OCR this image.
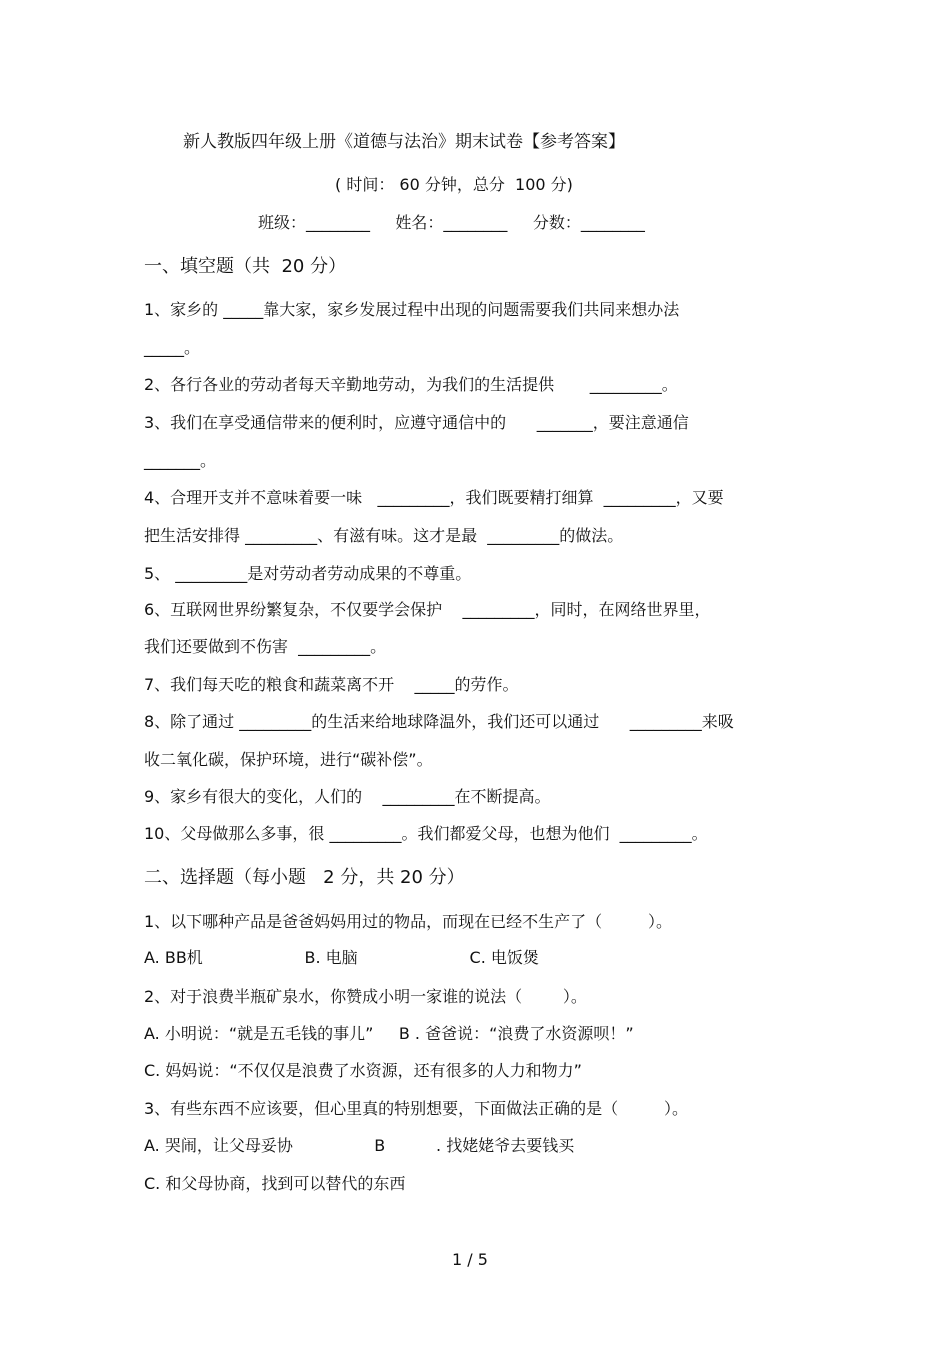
新人教版四年级上册《道德与法治》期末试卷【参考答案】
( 时间： 60 分钟，总分  100 分)
班级：________     姓名：________     分数：________
一、填空题（共  20 分）
1、家乡的 _____靠大家，家乡发展过程中出现的问题需要我们共同来想办法
_____。
2、各行各业的劳动者每天辛勤地劳动，为我们的生活提供       _________。
3、我们在享受通信带来的便利时，应遵守通信中的      _______，要注意通信
_______。
4、合理开支并不意味着要一味   _________，我们既要精打细算  _________，又要
把生活安排得 _________、有滋有味。这才是最  _________的做法。
5、 _________是对劳动者劳动成果的不尊重。
6、互联网世界纷繁复杂，不仅要学会保护    _________，同时，在网络世界里，
我们还要做到不伤害  _________。
7、我们每天吃的粮食和蔬菜离不开    _____的劳作。
8、除了通过 _________的生活来给地球降温外，我们还可以通过      _________来吸
收二氧化碳，保护环境，进行“碳补偿”。
9、家乡有很大的变化，人们的    _________在不断提高。
10、父母做那么多事，很 _________。我们都爱父母，也想为他们  _________。
二、选择题（每小题   2 分，共 20 分）
1、以下哪种产品是爸爸妈妈用过的物品，而现在已经不生产了（         ）。
A. BB机                    B. 电脑                      C. 电饭煲
2、对于浪费半瓶矿泉水，你赞成小明一家谁的说法（        ）。
A. 小明说：“就是五毛钱的事儿”     B . 爸爸说：“浪费了水资源呗！”
C. 妈妈说：“不仅仅是浪费了水资源，还有很多的人力和物力”
3、有些东西不应该要，但心里真的特别想要，下面做法正确的是（         ）。
A. 哭闹，让父母妥协                B          . 找姥姥爷去要钱买
C. 和父母协商，找到可以替代的东西
1 / 5
